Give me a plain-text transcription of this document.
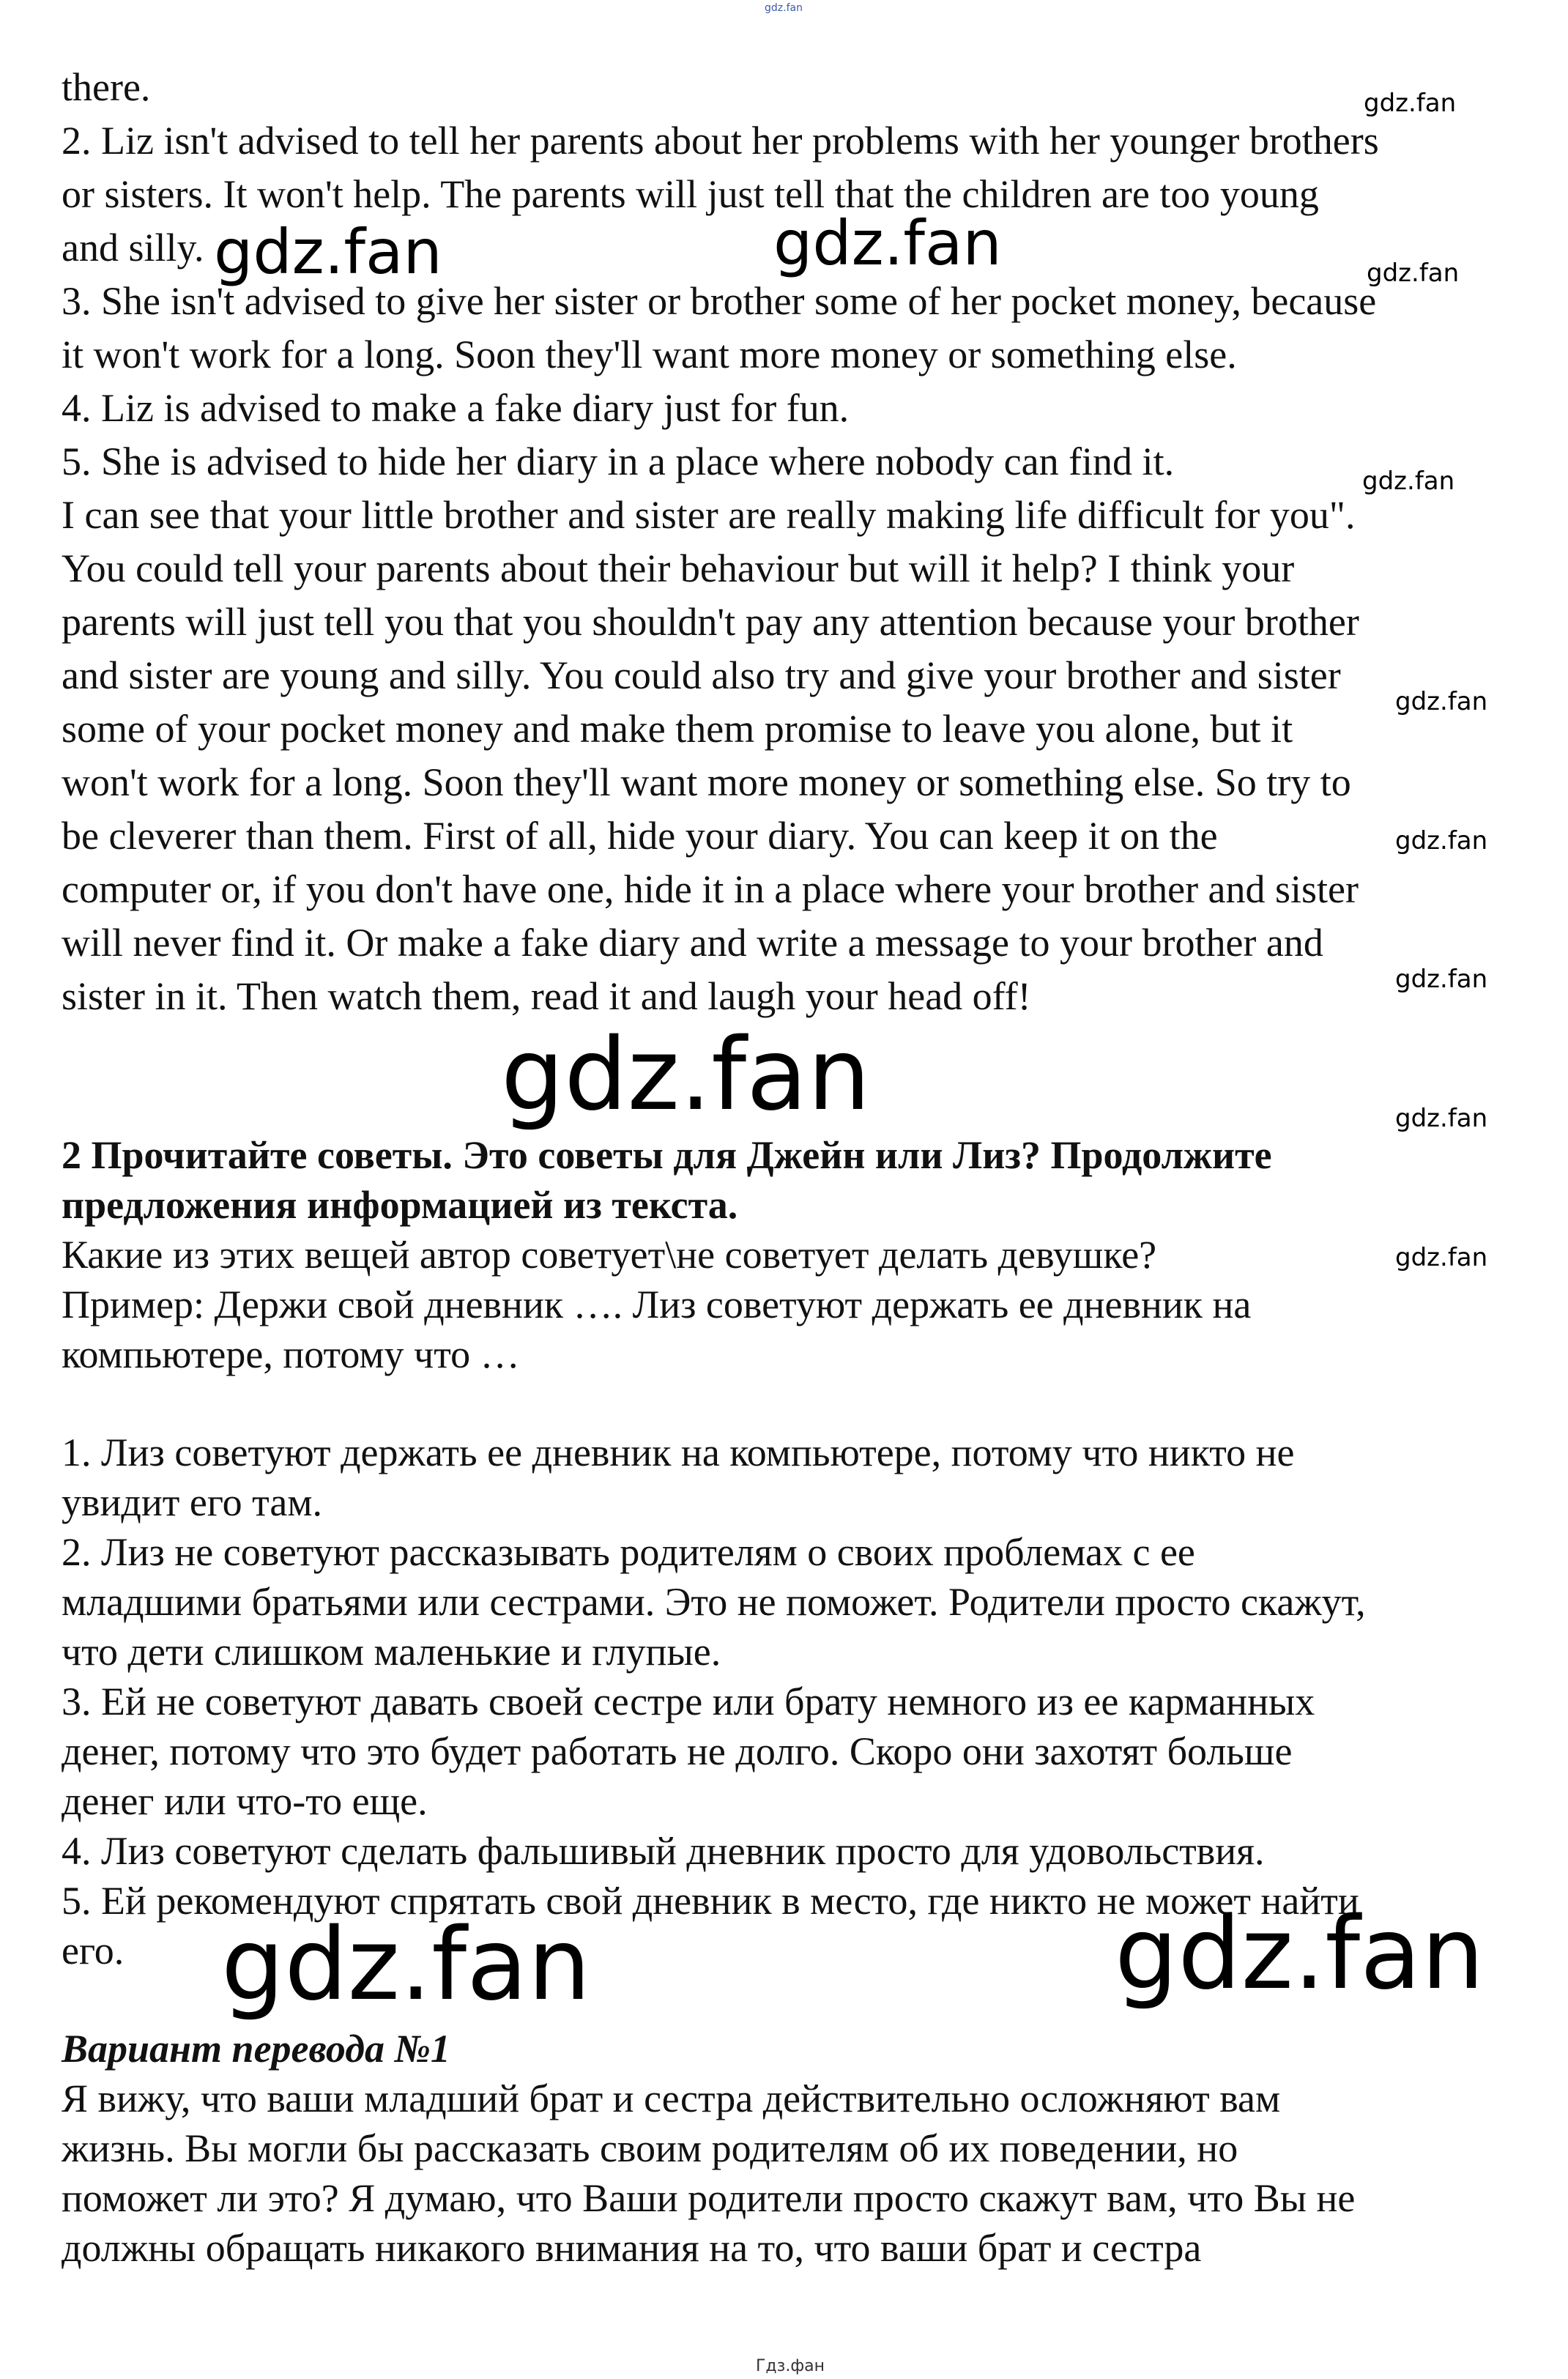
gdz.fan
there.
2. Liz isn't advised to tell her parents about her problems with her younger brothers
or sisters. It won't help. The parents will just tell that the children are too young
and silly.
3. She isn't advised to give her sister or brother some of her pocket money, because
it won't work for a long. Soon they'll want more money or something else.
4. Liz is advised to make a fake diary just for fun.
5. She is advised to hide her diary in a place where nobody can find it.
I can see that your little brother and sister are really making life difficult for you".
You could tell your parents about their behaviour but will it help? I think your
parents will just tell you that you shouldn't pay any attention because your brother
and sister are young and silly. You could also try and give your brother and sister
some of your pocket money and make them promise to leave you alone, but it
won't work for a long. Soon they'll want more money or something else. So try to
be cleverer than them. First of all, hide your diary. You can keep it on the
computer or, if you don't have one, hide it in a place where your brother and sister
will never find it. Or make a fake diary and write a message to your brother and
sister in it. Then watch them, read it and laugh your head off!
2 Прочитайте советы. Это советы для Джейн или Лиз? Продолжите
предложения информацией из текста.
Какие из этих вещей автор советует\не советует делать девушке?
Пример: Держи свой дневник …. Лиз советуют держать ее дневник на
компьютере, потому что …
1. Лиз советуют держать ее дневник на компьютере, потому что никто не
увидит его там.
2. Лиз не советуют рассказывать родителям о своих проблемах с ее
младшими братьями или сестрами. Это не поможет. Родители просто скажут,
что дети слишком маленькие и глупые.
3. Ей не советуют давать своей сестре или брату немного из ее карманных
денег, потому что это будет работать не долго. Скоро они захотят больше
денег или что-то еще.
4. Лиз советуют сделать фальшивый дневник просто для удовольствия.
5. Ей рекомендуют спрятать свой дневник в место, где никто не может найти
его.
Вариант перевода №1
Я вижу, что ваши младший брат и сестра действительно осложняют вам
жизнь. Вы могли бы рассказать своим родителям об их поведении, но
поможет ли это? Я думаю, что Ваши родители просто скажут вам, что Вы не
должны обращать никакого внимания на то, что ваши брат и сестра
gdz.fan
gdz.fan	gdz.fan	gdz.fan
gdz.fan
gdz.fan
gdz.fan
gdz.fan
gdz.fan	gdz.fan
gdz.fan
gdz.fan	gdz.fan
Гдз.фан
